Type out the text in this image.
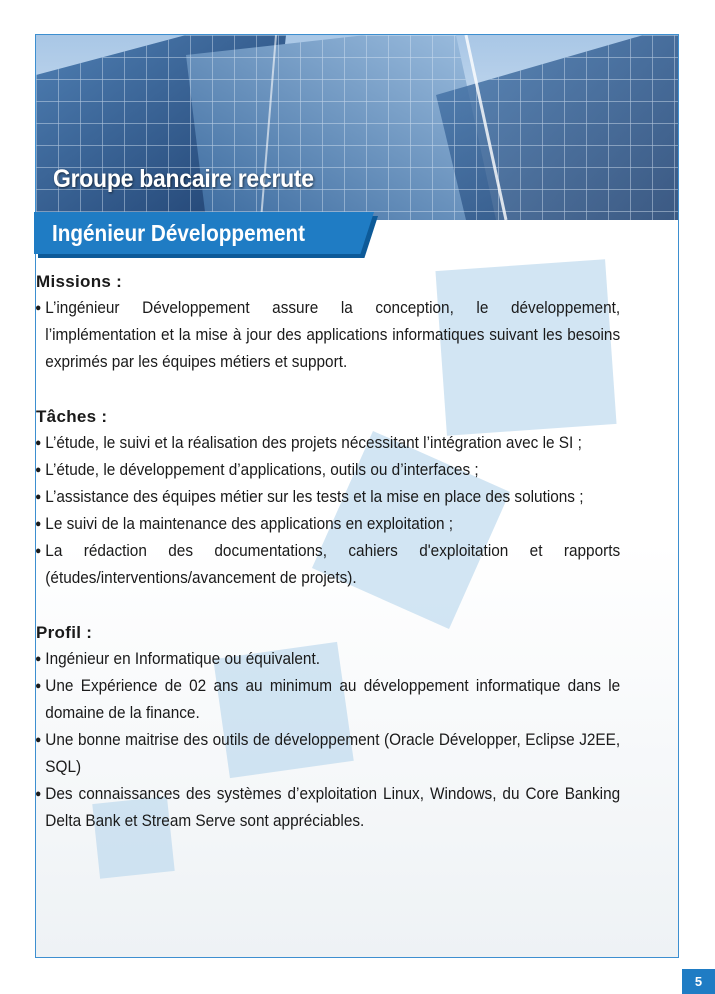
Groupe bancaire recrute
Ingénieur Développement

Missions :

● L’ingénieur Développement assure la conception, le développement, l’implémentation et la mise à jour des applications informatiques suivant les besoins exprimés par les équipes métiers et support.

Tâches :

● L’étude, le suivi et la réalisation des projets nécessitant l’intégration avec le SI ;
● L’étude, le développement d’applications, outils ou d’interfaces ;
● L’assistance des équipes métier sur les tests et la mise en place des solutions ;
● Le suivi de la maintenance des applications en exploitation ;
● La rédaction des documentations, cahiers d'exploitation et rapports (études/interventions/avancement de projets).

Profil :

● Ingénieur en Informatique ou équivalent.
● Une Expérience de 02 ans au minimum au développement informatique dans le domaine de la finance.
● Une bonne maitrise des outils de développement (Oracle Développer, Eclipse J2EE, SQL)
● Des connaissances des systèmes d’exploitation Linux, Windows, du Core Banking Delta Bank et Stream Serve sont appréciables.
5
